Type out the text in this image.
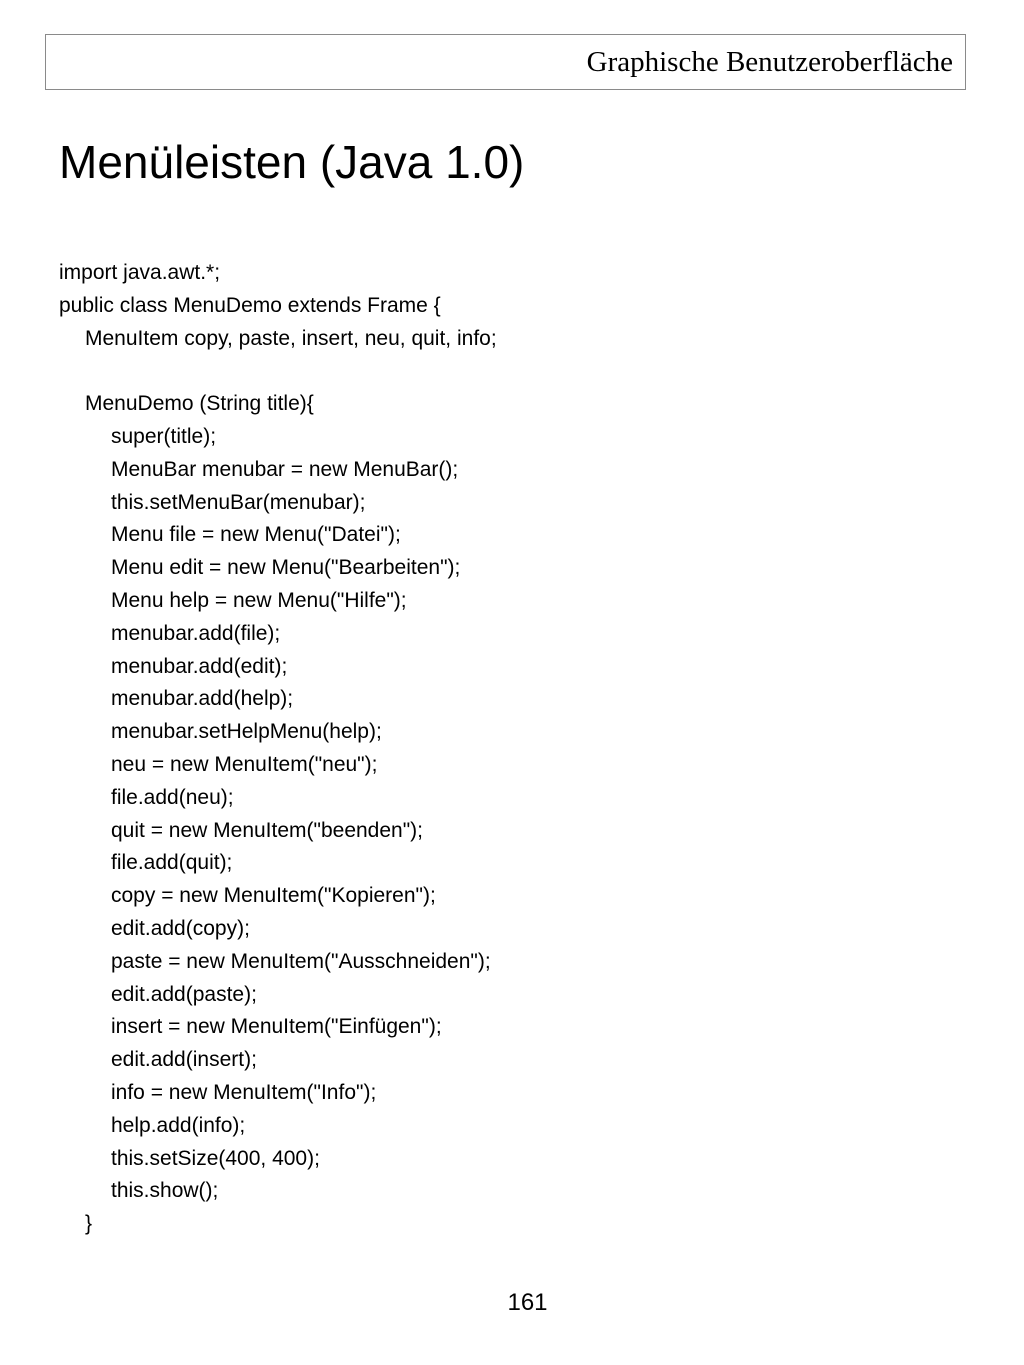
Graphische Benutzeroberfläche
Menüleisten (Java 1.0)
import java.awt.*;
public class MenuDemo extends Frame {
MenuItem copy, paste, insert, neu, quit, info;
MenuDemo (String title){
super(title);
MenuBar menubar = new MenuBar();
this.setMenuBar(menubar);
Menu file = new Menu("Datei");
Menu edit = new Menu("Bearbeiten");
Menu help = new Menu("Hilfe");
menubar.add(file);
menubar.add(edit);
menubar.add(help);
menubar.setHelpMenu(help);
neu = new MenuItem("neu");
file.add(neu);
quit = new MenuItem("beenden");
file.add(quit);
copy = new MenuItem("Kopieren");
edit.add(copy);
paste = new MenuItem("Ausschneiden");
edit.add(paste);
insert = new MenuItem("Einfügen");
edit.add(insert);
info = new MenuItem("Info");
help.add(info);
this.setSize(400, 400);
this.show();
}
161
